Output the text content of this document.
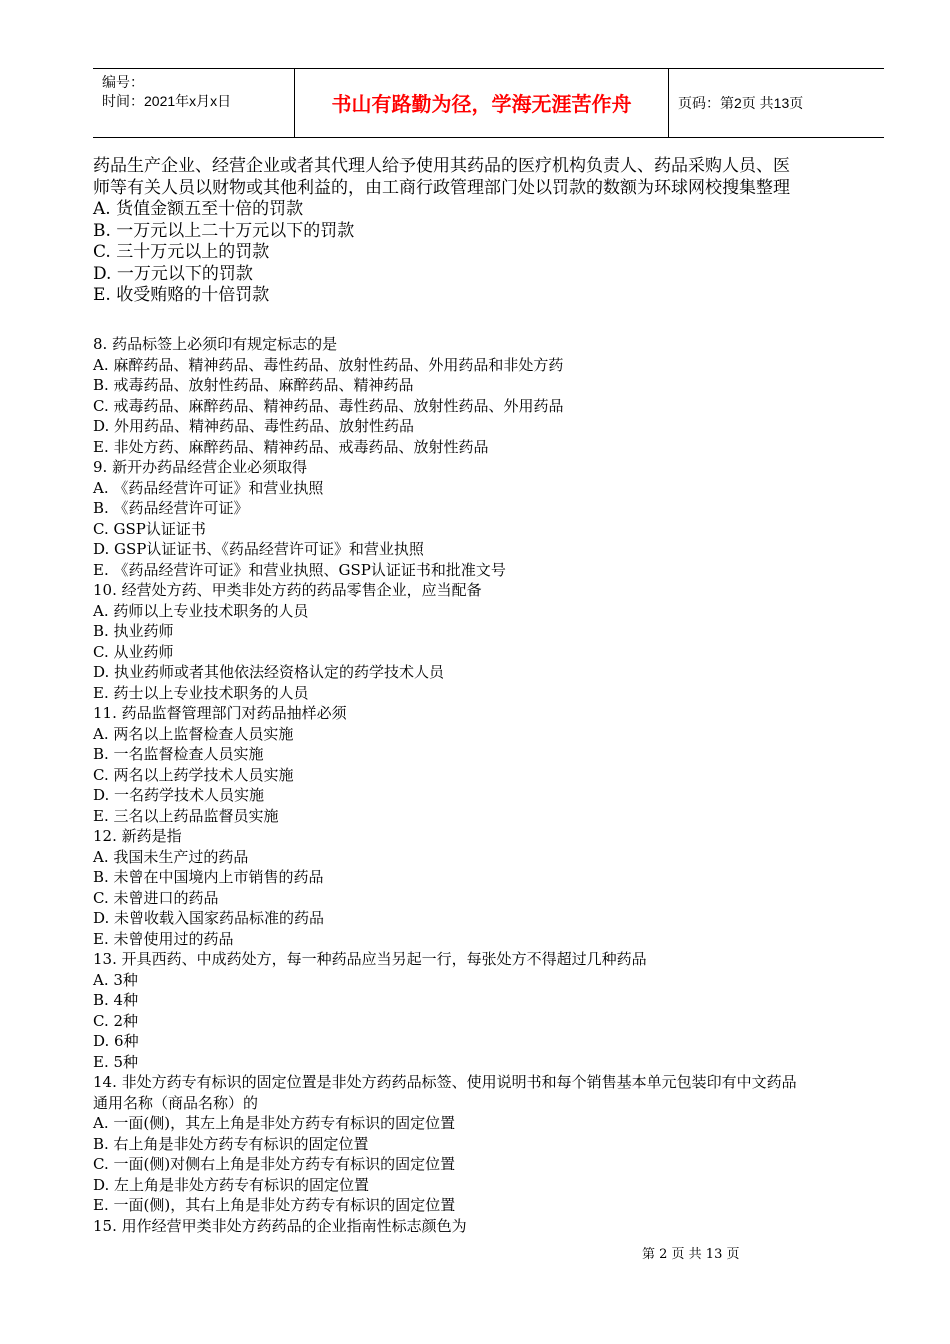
编号：
时间：2021年x月x日	书山有路勤为径，学海无涯苦作舟	页码：第2页 共13页
药品生产企业、经营企业或者其代理人给予使用其药品的医疗机构负责人、药品采购人员、医
师等有关人员以财物或其他利益的，由工商行政管理部门处以罚款的数额为环球网校搜集整理
A. 货值金额五至十倍的罚款
B. 一万元以上二十万元以下的罚款
C. 三十万元以上的罚款
D. 一万元以下的罚款
E. 收受贿赂的十倍罚款
8. 药品标签上必须印有规定标志的是
A. 麻醉药品、精神药品、毒性药品、放射性药品、外用药品和非处方药
B. 戒毒药品、放射性药品、麻醉药品、精神药品
C. 戒毒药品、麻醉药品、精神药品、毒性药品、放射性药品、外用药品
D. 外用药品、精神药品、毒性药品、放射性药品
E. 非处方药、麻醉药品、精神药品、戒毒药品、放射性药品
9. 新开办药品经营企业必须取得
A. 《药品经营许可证》和营业执照
B. 《药品经营许可证》
C. GSP认证证书
D. GSP认证证书、《药品经营许可证》和营业执照
E. 《药品经营许可证》和营业执照、GSP认证证书和批准文号
10. 经营处方药、甲类非处方药的药品零售企业，应当配备
A. 药师以上专业技术职务的人员
B. 执业药师
C. 从业药师
D. 执业药师或者其他依法经资格认定的药学技术人员
E. 药士以上专业技术职务的人员
11. 药品监督管理部门对药品抽样必须
A. 两名以上监督检查人员实施
B. 一名监督检查人员实施
C. 两名以上药学技术人员实施
D. 一名药学技术人员实施
E. 三名以上药品监督员实施
12. 新药是指
A. 我国未生产过的药品
B. 未曾在中国境内上市销售的药品
C. 未曾进口的药品
D. 未曾收载入国家药品标准的药品
E. 未曾使用过的药品
13. 开具西药、中成药处方，每一种药品应当另起一行，每张处方不得超过几种药品
A. 3种
B. 4种
C. 2种
D. 6种
E. 5种
14. 非处方药专有标识的固定位置是非处方药药品标签、使用说明书和每个销售基本单元包装印有中文药品
通用名称（商品名称）的
A. 一面(侧)，其左上角是非处方药专有标识的固定位置
B. 右上角是非处方药专有标识的固定位置
C. 一面(侧)对侧右上角是非处方药专有标识的固定位置
D. 左上角是非处方药专有标识的固定位置
E. 一面(侧)，其右上角是非处方药专有标识的固定位置
15. 用作经营甲类非处方药药品的企业指南性标志颜色为
第 2 页 共 13 页
